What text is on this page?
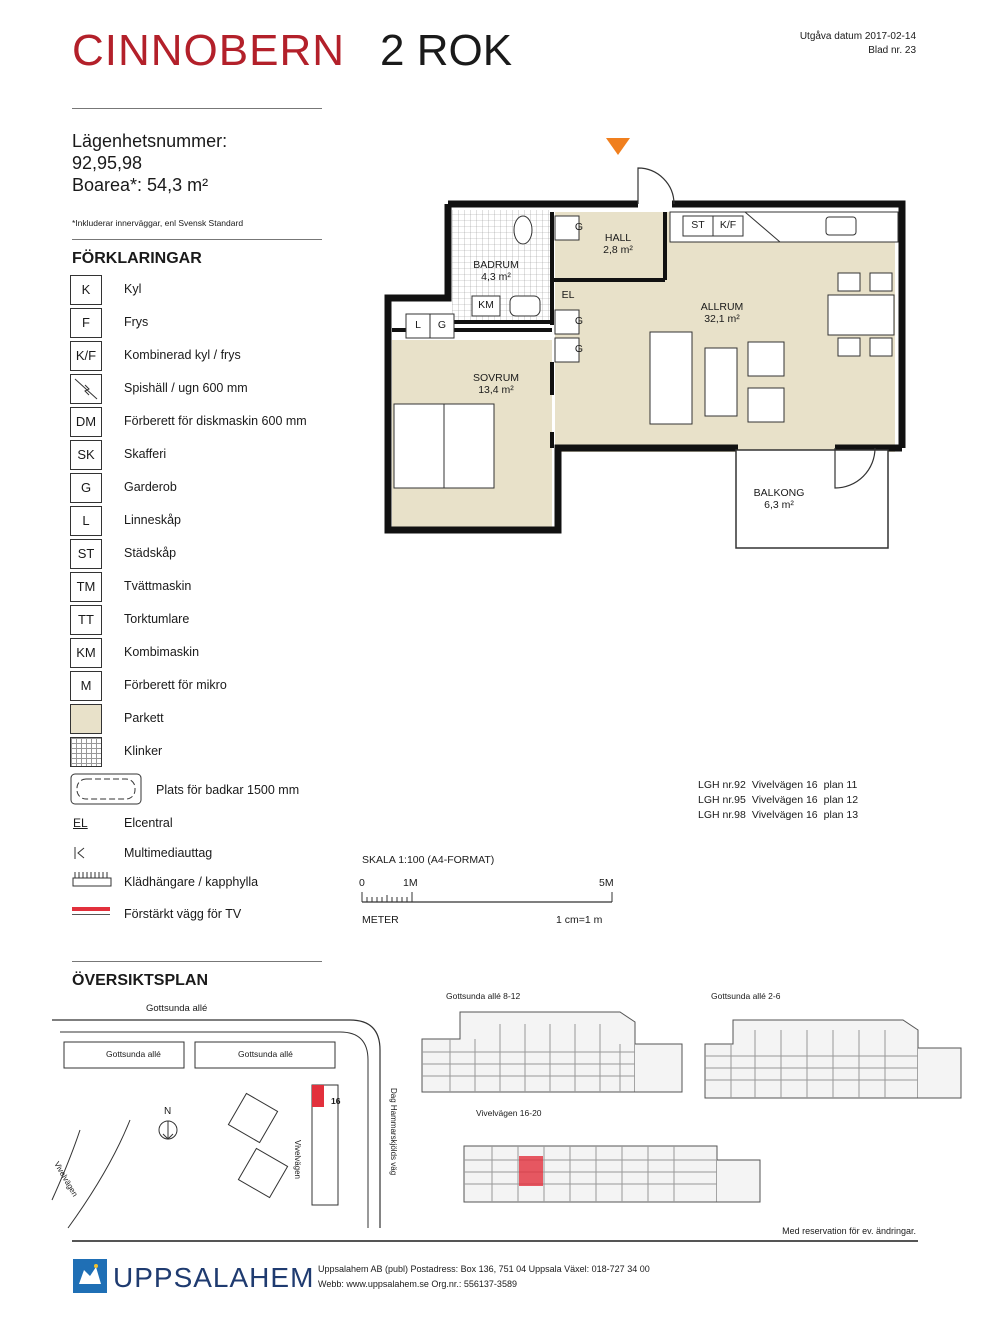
CINNOBERN 2 ROK	Utgåva datum 2017-02-14
Blad nr. 23
Lägenhetsnummer:
92,95,98
Boarea*: 54,3 m²
*Inkluderar innerväggar, enl Svensk Standard
FÖRKLARINGAR
K	Kyl
F	Frys
K/F	Kombinerad kyl / frys
Spishäll / ugn 600 mm
DM	Förberett för diskmaskin 600 mm
SK	Skafferi
G	Garderob
L	Linneskåp
ST	Städskåp
TM	Tvättmaskin
TT	Torktumlare
KM	Kombimaskin
M	Förberett för mikro
Parkett
Klinker
Plats för badkar 1500 mm
EL	Elcentral
Multimediauttag
Klädhängare / kapphylla
Förstärkt vägg för TV
G
G
G
L	G
KM
ST	K/F
EL
HALL
2,8 m²
BADRUM
4,3 m²
ALLRUM
32,1 m²
SOVRUM
13,4 m²
BALKONG
6,3 m²
LGH nr.92	Vivelvägen 16	plan 11
LGH nr.95	Vivelvägen 16	plan 12
LGH nr.98	Vivelvägen 16	plan 13
SKALA 1:100 (A4-FORMAT)
0	1M	5M
METER	1 cm=1 m
ÖVERSIKTSPLAN
Gottsunda allé
Gottsunda allé	Gottsunda allé
16
N
Vivelvägen	Dag Hammarskjölds väg
Vivelvägen
Gottsunda allé 8-12	Gottsunda allé 2-6
Vivelvägen 16-20
Med reservation för ev. ändringar.
UPPSALAHEM Uppsalahem AB (publ) Postadress: Box 136, 751 04 Uppsala Växel: 018-727 34 00
Webb: www.uppsalahem.se Org.nr.: 556137-3589
